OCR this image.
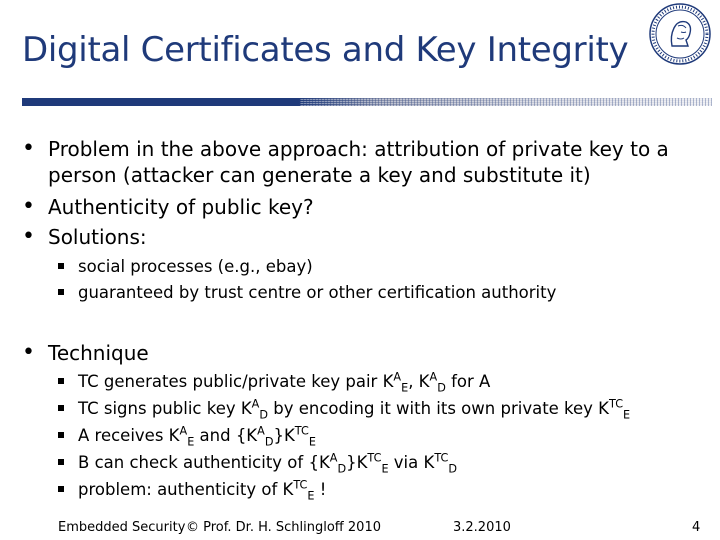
Digital Certificates and Key Integrity
• Problem in the above approach: attribution of private key to a
person (attacker can generate a key and substitute it)
• Authenticity of public key?
• Solutions:
social processes (e.g., ebay)
guaranteed by trust centre or other certification authority
• Technique
TC generates public/private key pair $K^A_E$, $K^A_D$ for A
TC signs public key $K^A_D$ by encoding it with its own private key $K^{TC}_E$
A receives $K^A_E$ and $\{K^A_D\}K^{TC}_E$
B can check authenticity of $\{K^A_D\}K^{TC}_E$ via $K^{TC}_D$
problem: authenticity of $K^{TC}_E$ !
Embedded Security © Prof. Dr. H. Schlingloff 2010	3.2.2010	4
